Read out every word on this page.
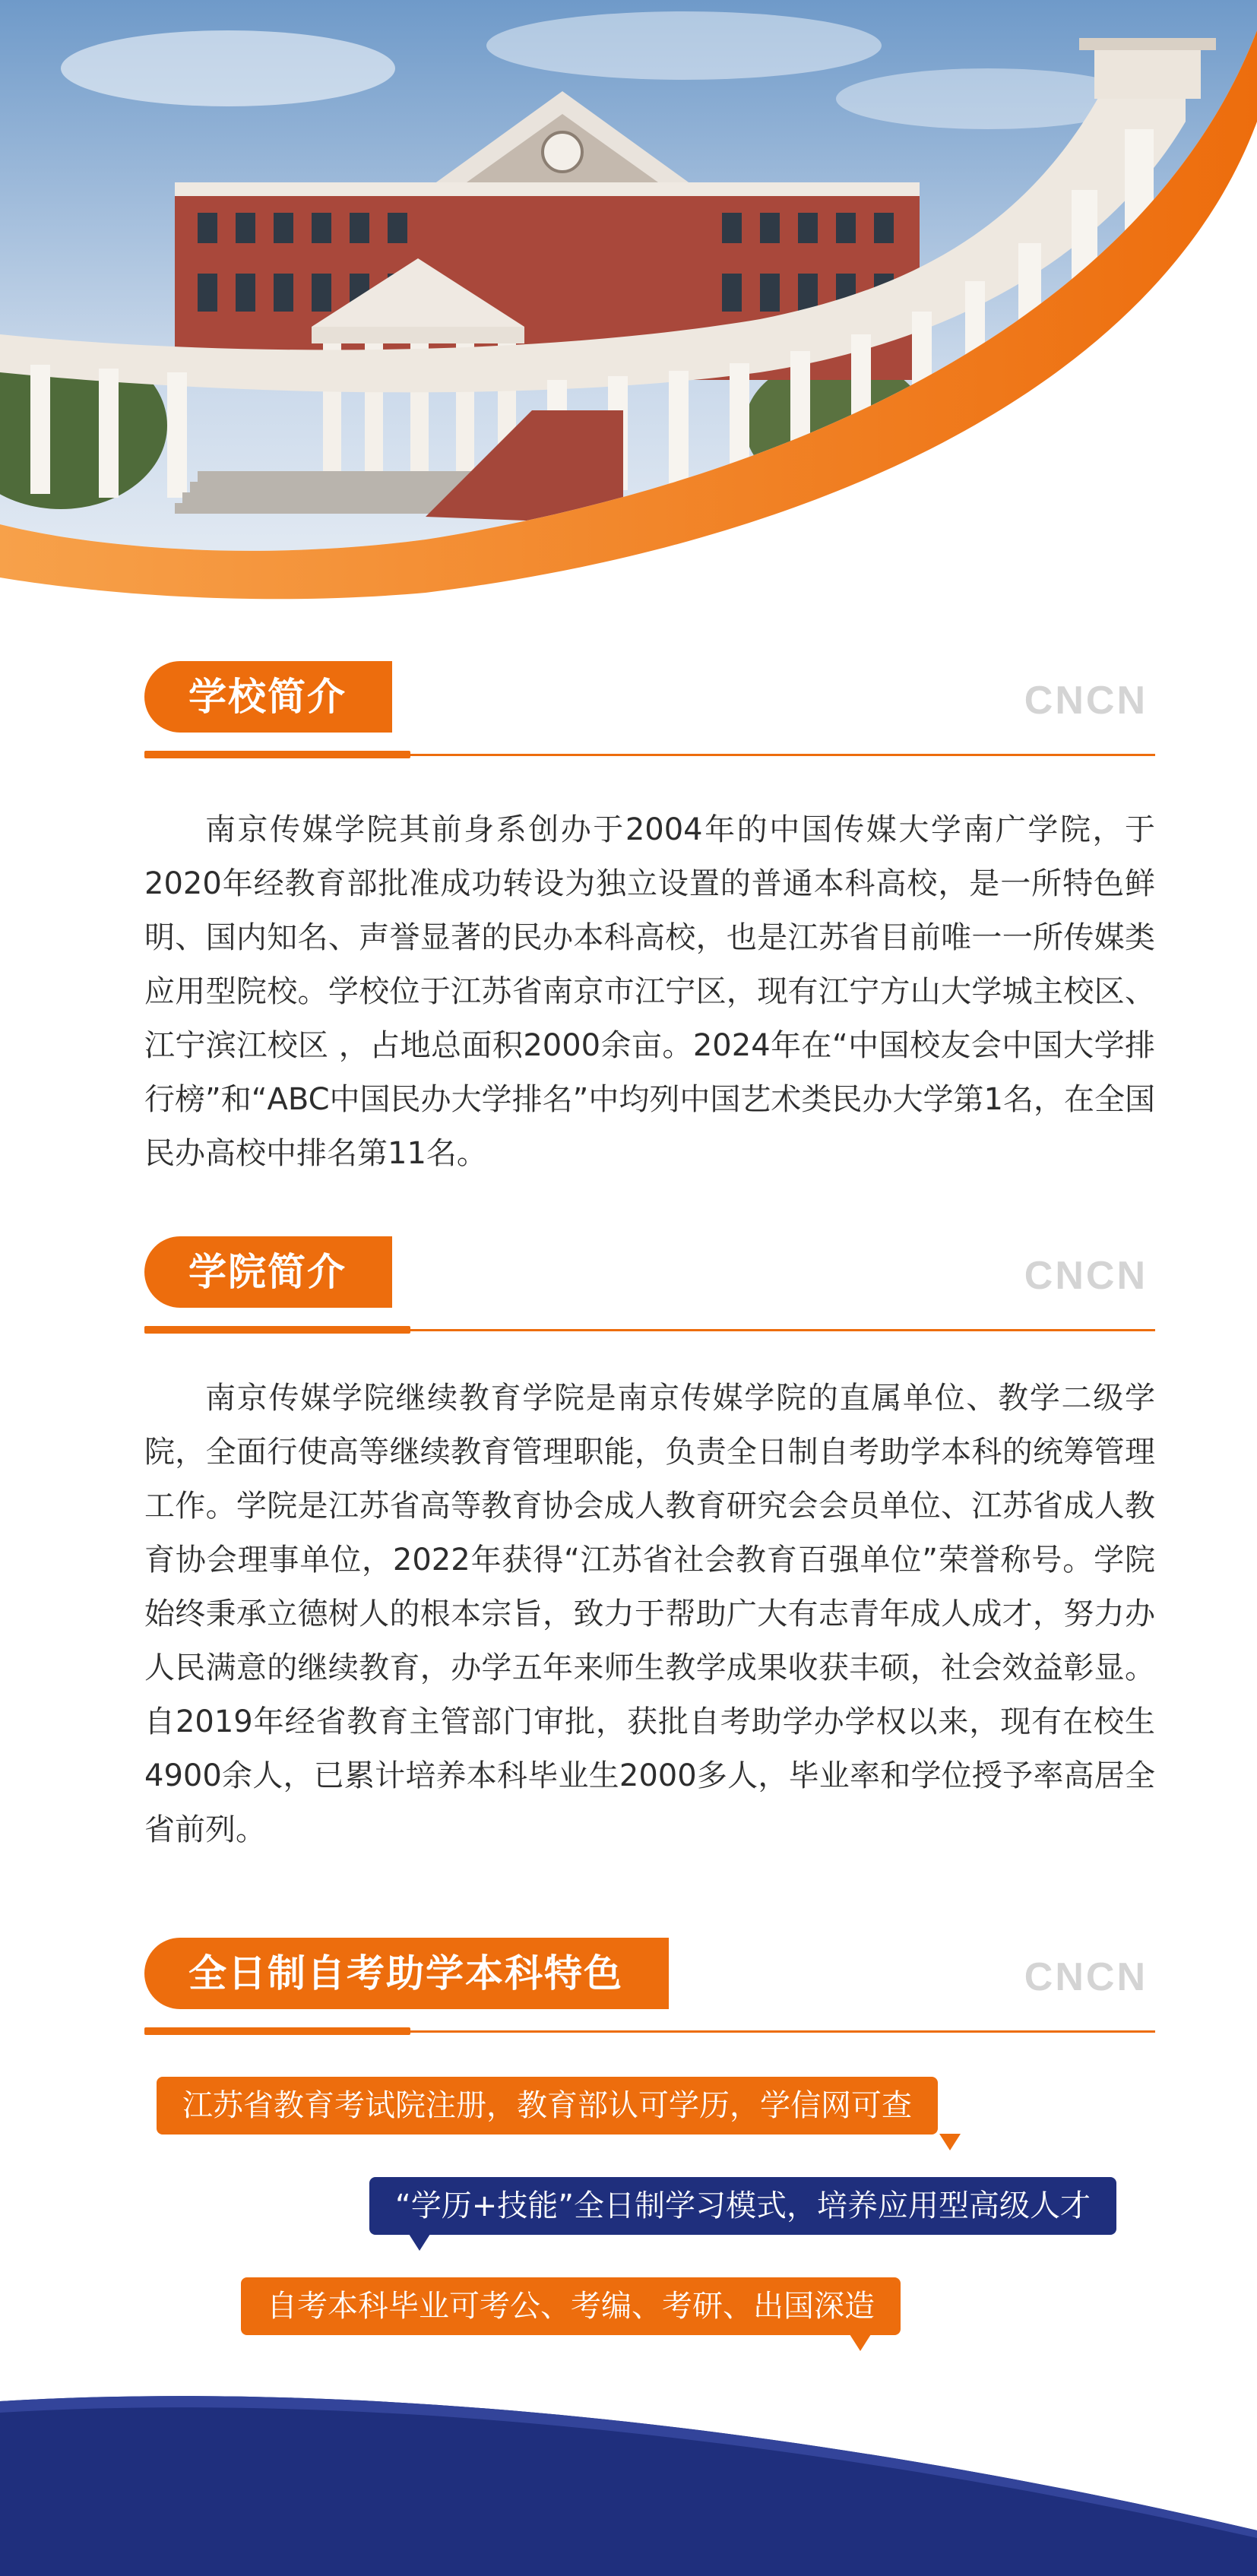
学校简介	CNCN

南京传媒学院其前身系创办于2004年的中国传媒大学南广学院，于2020年经教育部批准成功转设为独立设置的普通本科高校，是一所特色鲜明、国内知名、声誉显著的民办本科高校，也是江苏省目前唯一一所传媒类应用型院校。学校位于江苏省南京市江宁区，现有江宁方山大学城主校区、江宁滨江校区 ，占地总面积2000余亩。2024年在“中国校友会中国大学排行榜”和“ABC中国民办大学排名”中均列中国艺术类民办大学第1名，在全国民办高校中排名第11名。

学院简介	CNCN

南京传媒学院继续教育学院是南京传媒学院的直属单位、教学二级学院，全面行使高等继续教育管理职能，负责全日制自考助学本科的统筹管理工作。学院是江苏省高等教育协会成人教育研究会会员单位、江苏省成人教育协会理事单位，2022年获得“江苏省社会教育百强单位”荣誉称号。学院始终秉承立德树人的根本宗旨，致力于帮助广大有志青年成人成才，努力办人民满意的继续教育，办学五年来师生教学成果收获丰硕，社会效益彰显。自2019年经省教育主管部门审批，获批自考助学办学权以来，现有在校生4900余人，已累计培养本科毕业生2000多人，毕业率和学位授予率高居全省前列。

全日制自考助学本科特色	CNCN
江苏省教育考试院注册，教育部认可学历，学信网可查
“学历+技能”全日制学习模式，培养应用型高级人才
自考本科毕业可考公、考编、考研、出国深造
